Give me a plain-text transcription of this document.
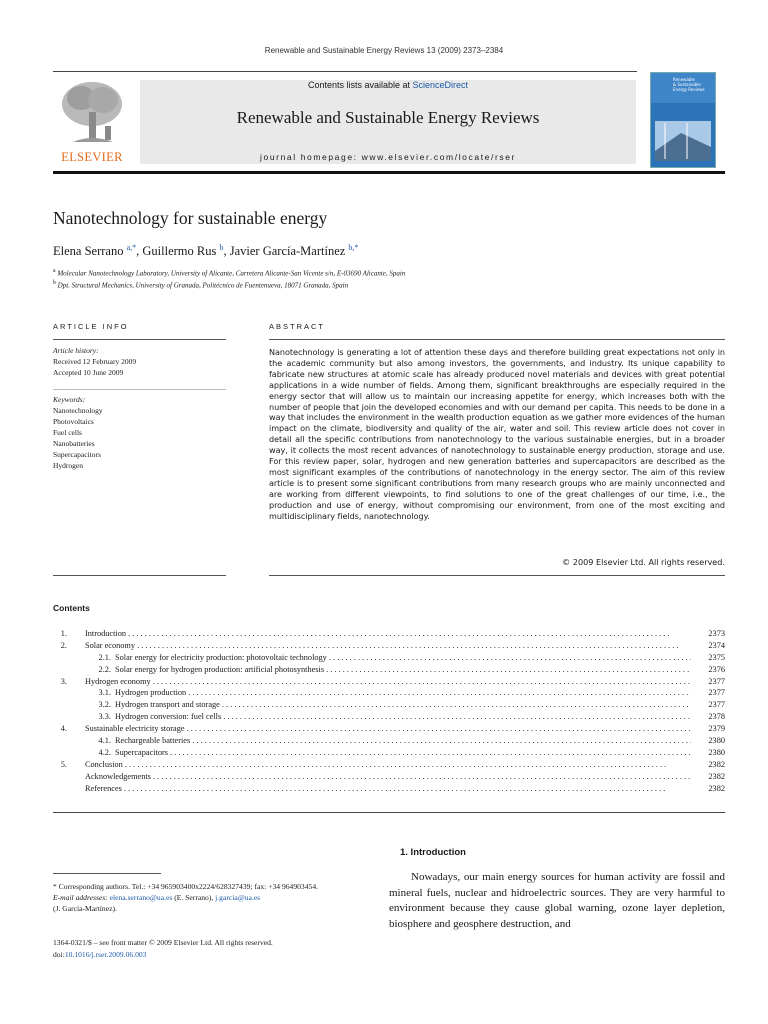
Renewable and Sustainable Energy Reviews 13 (2009) 2373–2384
ELSEVIER
Contents lists available at ScienceDirect
Renewable and Sustainable Energy Reviews
journal homepage: www.elsevier.com/locate/rser
Renewable
& Sustainable
Energy Reviews
Nanotechnology for sustainable energy
Elena Serrano $^{a,*}$, Guillermo Rus $^b$, Javier García-Martínez $^{b,*}$
$^a$ Molecular Nanotechnology Laboratory, University of Alicante, Carretera Alicante-San Vicente s/n, E-03690 Alicante, Spain
$^b$ Dpt. Structural Mechanics, University of Granada, Politécnico de Fuentenueva, 18071 Granada, Spain
ARTICLE INFO
Article history:
Received 12 February 2009
Accepted 10 June 2009
Keywords:
Nanotechnology
Photovoltaics
Fuel cells
Nanobatteries
Supercapacitors
Hydrogen
ABSTRACT
Nanotechnology is generating a lot of attention these days and therefore building great expectations not only in the academic community but also among investors, the governments, and industry. Its unique capability to fabricate new structures at atomic scale has already produced novel materials and devices with great potential applications in a wide number of fields. Among them, significant breakthroughs are especially required in the energy sector that will allow us to maintain our increasing appetite for energy, which increases both with the number of people that join the developed economies and with our demand per capita. This needs to be done in a way that includes the environment in the wealth production equation as we gather more evidences of the human impact on the climate, biodiversity and quality of the air, water and soil. This review article does not cover in detail all the specific contributions from nanotechnology to the various sustainable energies, but in a broader way, it collects the most recent advances of nanotechnology to sustainable energy production, storage and use. For this review paper, solar, hydrogen and new generation batteries and supercapacitors are described as the most significant examples of the contributions of nanotechnology in the energy sector. The aim of this review article is to present some significant contributions from many research groups who are mainly unconnected and are working from different viewpoints, to find solutions to one of the great challenges of our time, i.e., the production and use of energy, without compromising our environment, from one of the most exciting and multidisciplinary fields, nanotechnology.
© 2009 Elsevier Ltd. All rights reserved.
Contents
1. Introduction . . .	2373
2. Solar economy . . .	2374
2.1. Solar energy for electricity production: photovoltaic technology . . .	2375
2.2. Solar energy for hydrogen production: artificial photosynthesis . . .	2376
3. Hydrogen economy . . .	2377
3.1. Hydrogen production . . .	2377
3.2. Hydrogen transport and storage . . .	2377
3.3. Hydrogen conversion: fuel cells . . .	2378
4. Sustainable electricity storage . . .	2379
4.1. Rechargeable batteries . . .	2380
4.2. Supercapacitors . . .	2380
5. Conclusion . . .	2382
Acknowledgements . . .	2382
References . . .	2382
* Corresponding authors. Tel.: +34 965903400x2224/628327439; fax: +34 964903454.
E-mail addresses: elena.serrano@ua.es (E. Serrano), j.garcia@ua.es
(J. García-Martínez).
1364-0321/$ – see front matter © 2009 Elsevier Ltd. All rights reserved.
doi:10.1016/j.rser.2009.06.003
1. Introduction
  Nowadays, our main energy sources for human activity are fossil and mineral fuels, nuclear and hidroelectric sources. They are very harmful to environment because they cause global warning, ozone layer depletion, biosphere and geosphere destruction, and
